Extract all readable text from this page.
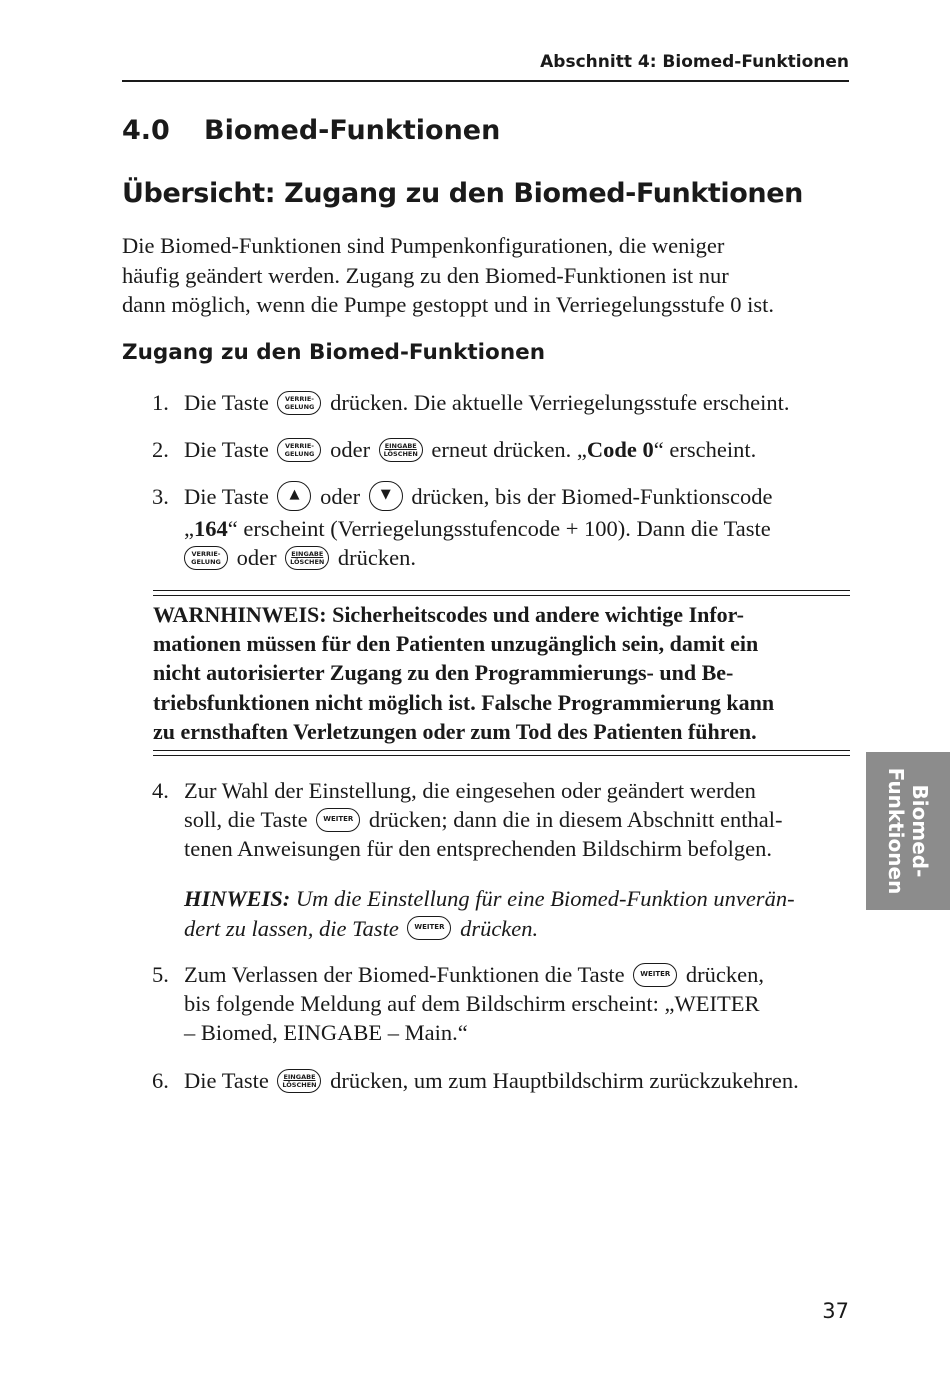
Abschnitt 4: Biomed-Funktionen
4.0 Biomed-Funktionen
Übersicht: Zugang zu den Biomed-Funktionen
Die Biomed-Funktionen sind Pumpenkonfigurationen, die weniger
häufig geändert werden. Zugang zu den Biomed-Funktionen ist nur
dann möglich, wenn die Pumpe gestoppt und in Verriegelungsstufe 0 ist.
Zugang zu den Biomed-Funktionen
1. Die Taste VERRIE-
GELUNG drücken. Die aktuelle Verriegelungsstufe erscheint.
2. Die Taste VERRIE-
GELUNG oder EINGABE
LÖSCHEN erneut drücken. „Code 0“ erscheint.
3. Die Taste ▲ oder ▼ drücken, bis der Biomed-Funktionscode
„164“ erscheint (Verriegelungsstufencode + 100). Dann die Taste
VERRIE-
GELUNG oder EINGABE
LÖSCHEN drücken.
WARNHINWEIS: Sicherheitscodes und andere wichtige Infor-
mationen müssen für den Patienten unzugänglich sein, damit ein
nicht autorisierter Zugang zu den Programmierungs- und Be-
triebsfunktionen nicht möglich ist. Falsche Programmierung kann
zu ernsthaften Verletzungen oder zum Tod des Patienten führen.
4. Zur Wahl der Einstellung, die eingesehen oder geändert werden
soll, die Taste WEITER drücken; dann die in diesem Abschnitt enthal-
tenen Anweisungen für den entsprechenden Bildschirm befolgen.
HINWEIS: Um die Einstellung für eine Biomed-Funktion unverän-
dert zu lassen, die Taste WEITER drücken.
5. Zum Verlassen der Biomed-Funktionen die Taste WEITER drücken,
bis folgende Meldung auf dem Bildschirm erscheint: „WEITER
– Biomed, EINGABE – Main.“
6. Die Taste EINGABE
LÖSCHEN drücken, um zum Hauptbildschirm zurückzukehren.
Biomed-
Funktionen
37
